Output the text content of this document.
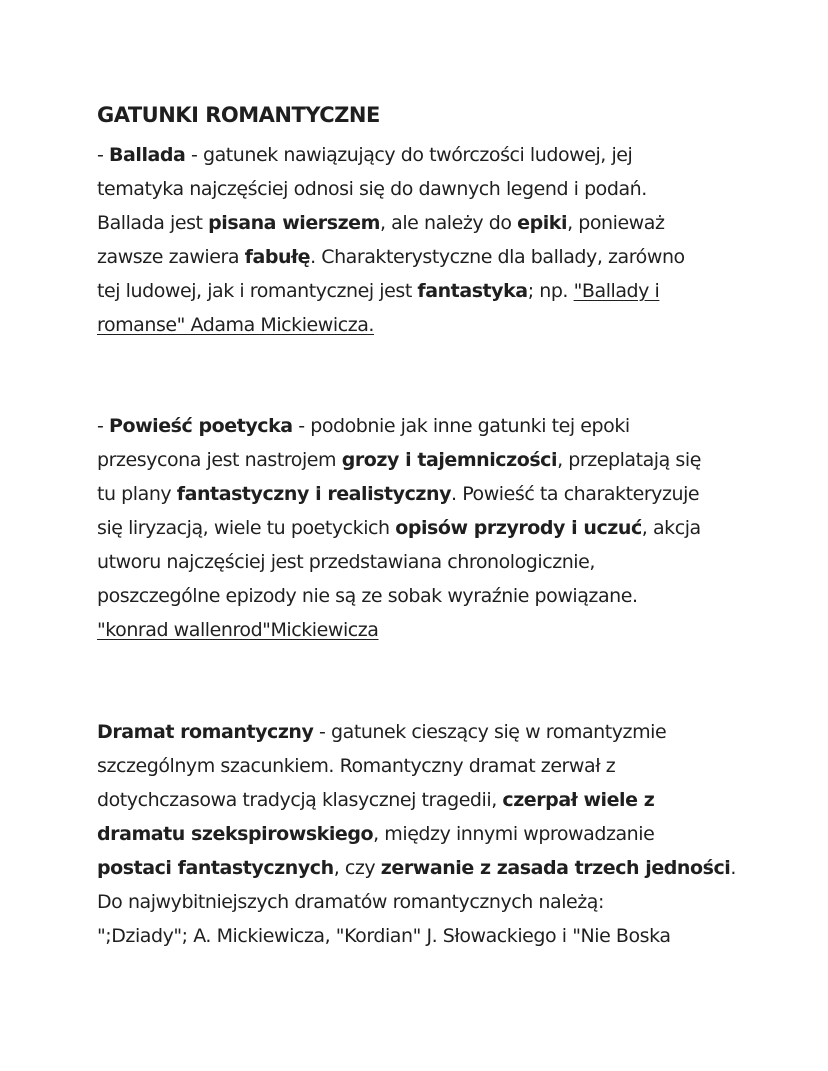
GATUNKI ROMANTYCZNE

- Ballada - gatunek nawiązujący do twórczości ludowej, jej
tematyka najczęściej odnosi się do dawnych legend i podań.
Ballada jest pisana wierszem, ale należy do epiki, ponieważ
zawsze zawiera fabułę. Charakterystyczne dla ballady, zarówno
tej ludowej, jak i romantycznej jest fantastyka; np. "Ballady i
romanse" Adama Mickiewicza.

- Powieść poetycka - podobnie jak inne gatunki tej epoki
przesycona jest nastrojem grozy i tajemniczości, przeplatają się
tu plany fantastyczny i realistyczny. Powieść ta charakteryzuje
się liryzacją, wiele tu poetyckich opisów przyrody i uczuć, akcja
utworu najczęściej jest przedstawiana chronologicznie,
poszczególne epizody nie są ze sobak wyraźnie powiązane.
"konrad wallenrod"Mickiewicza

Dramat romantyczny - gatunek cieszący się w romantyzmie
szczególnym szacunkiem. Romantyczny dramat zerwał z
dotychczasowa tradycją klasycznej tragedii, czerpał wiele z
dramatu szekspirowskiego, między innymi wprowadzanie
postaci fantastycznych, czy zerwanie z zasada trzech jedności.
Do najwybitniejszych dramatów romantycznych należą:
";Dziady"; A. Mickiewicza, "Kordian" J. Słowackiego i "Nie Boska
